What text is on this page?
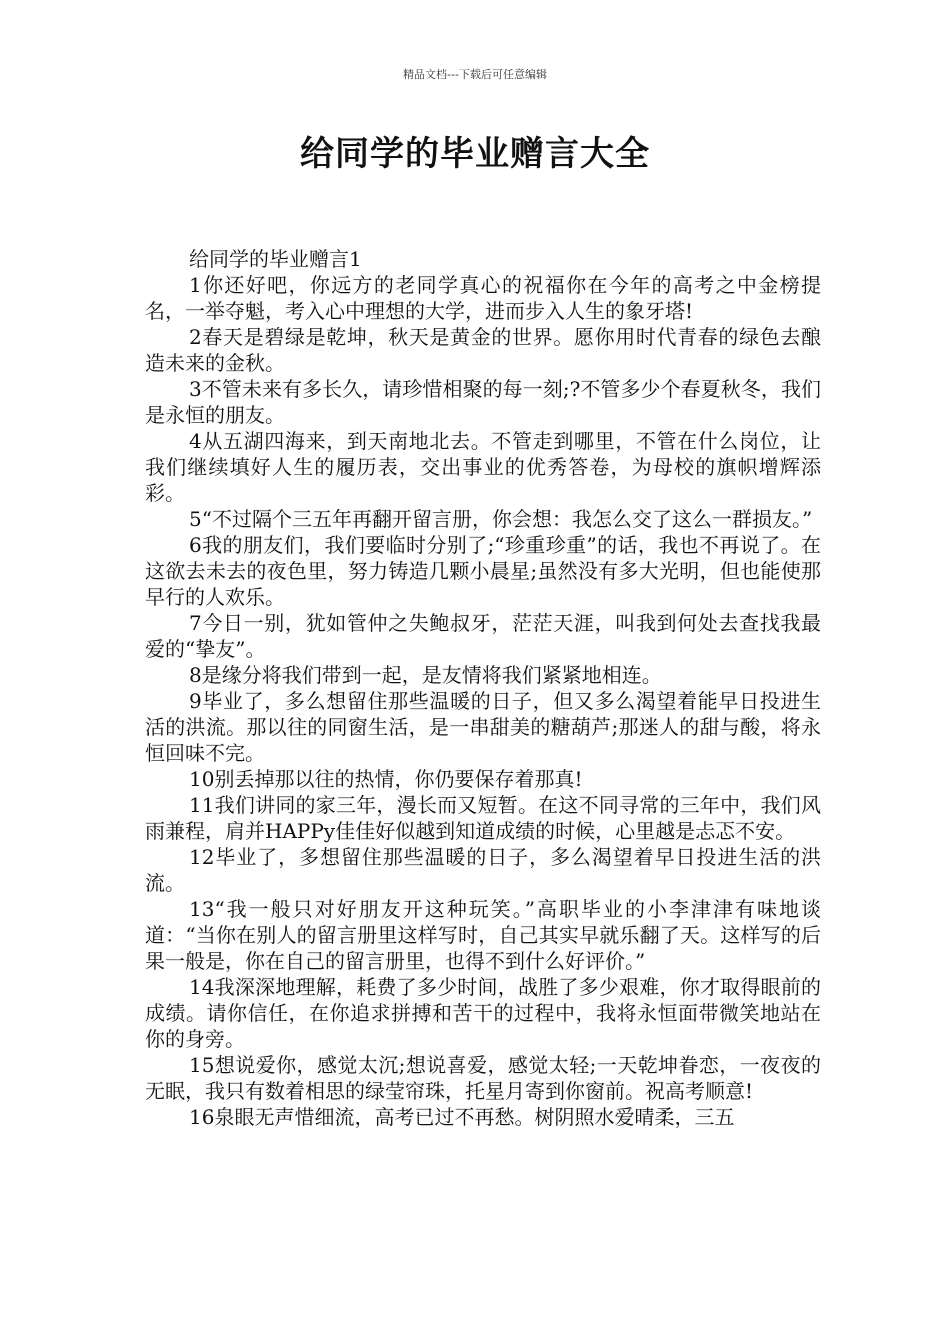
精品文档---下载后可任意编辑
给同学的毕业赠言大全

给同学的毕业赠言1

1你还好吧，你远方的老同学真心的祝福你在今年的高考之中金榜提名，一举夺魁，考入心中理想的大学，进而步入人生的象牙塔!

2春天是碧绿是乾坤，秋天是黄金的世界。愿你用时代青春的绿色去酿造未来的金秋。

3不管未来有多长久，请珍惜相聚的每一刻;?不管多少个春夏秋冬，我们是永恒的朋友。

4从五湖四海来，到天南地北去。不管走到哪里，不管在什么岗位，让我们继续填好人生的履历表，交出事业的优秀答卷，为母校的旗帜增辉添彩。

5“不过隔个三五年再翻开留言册，你会想：我怎么交了这么一群损友。”

6我的朋友们，我们要临时分别了;“珍重珍重”的话，我也不再说了。在这欲去未去的夜色里，努力铸造几颗小晨星;虽然没有多大光明，但也能使那早行的人欢乐。

7今日一别，犹如管仲之失鲍叔牙，茫茫天涯，叫我到何处去查找我最爱的“挚友”。

8是缘分将我们带到一起，是友情将我们紧紧地相连。

9毕业了，多么想留住那些温暖的日子，但又多么渴望着能早日投进生活的洪流。那以往的同窗生活，是一串甜美的糖葫芦;那迷人的甜与酸，将永恒回味不完。

10别丢掉那以往的热情，你仍要保存着那真!

11我们讲同的家三年，漫长而又短暂。在这不同寻常的三年中，我们风雨兼程，肩并HAPPy佳佳好似越到知道成绩的时候，心里越是忐忑不安。

12毕业了，多想留住那些温暖的日子，多么渴望着早日投进生活的洪流。

13“我一般只对好朋友开这种玩笑。”高职毕业的小李津津有味地谈道：“当你在别人的留言册里这样写时，自己其实早就乐翻了天。这样写的后果一般是，你在自己的留言册里，也得不到什么好评价。”

14我深深地理解，耗费了多少时间，战胜了多少艰难，你才取得眼前的成绩。请你信任，在你追求拼搏和苦干的过程中，我将永恒面带微笑地站在你的身旁。

15想说爱你，感觉太沉;想说喜爱，感觉太轻;一天乾坤眷恋，一夜夜的无眠，我只有数着相思的绿莹帘珠，托星月寄到你窗前。祝高考顺意!

16泉眼无声惜细流，高考已过不再愁。树阴照水爱晴柔，三五
